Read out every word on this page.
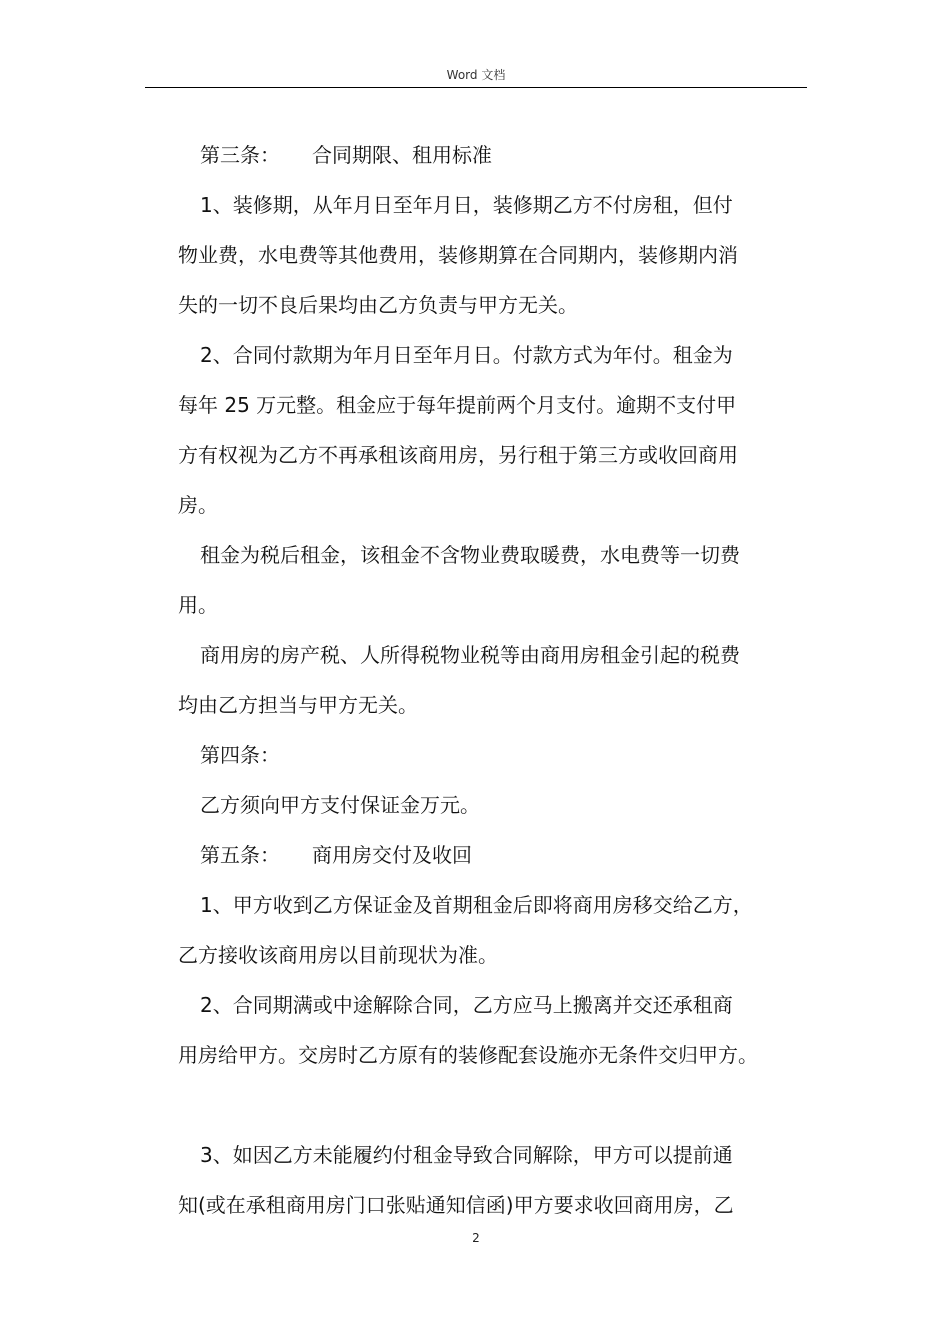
Word 文档

第三条： 合同期限、租用标准

1、装修期，从年月日至年月日，装修期乙方不付房租，但付

物业费，水电费等其他费用，装修期算在合同期内，装修期内消

失的一切不良后果均由乙方负责与甲方无关。

2、合同付款期为年月日至年月日。付款方式为年付。租金为

每年 25 万元整。租金应于每年提前两个月支付。逾期不支付甲

方有权视为乙方不再承租该商用房，另行租于第三方或收回商用

房。

租金为税后租金，该租金不含物业费取暖费，水电费等一切费

用。

商用房的房产税、人所得税物业税等由商用房租金引起的税费

均由乙方担当与甲方无关。

第四条：

乙方须向甲方支付保证金万元。

第五条： 商用房交付及收回

1、甲方收到乙方保证金及首期租金后即将商用房移交给乙方，

乙方接收该商用房以目前现状为准。

2、合同期满或中途解除合同，乙方应马上搬离并交还承租商

用房给甲方。交房时乙方原有的装修配套设施亦无条件交归甲方。

3、如因乙方未能履约付租金导致合同解除，甲方可以提前通

知(或在承租商用房门口张贴通知信函)甲方要求收回商用房，乙

2
